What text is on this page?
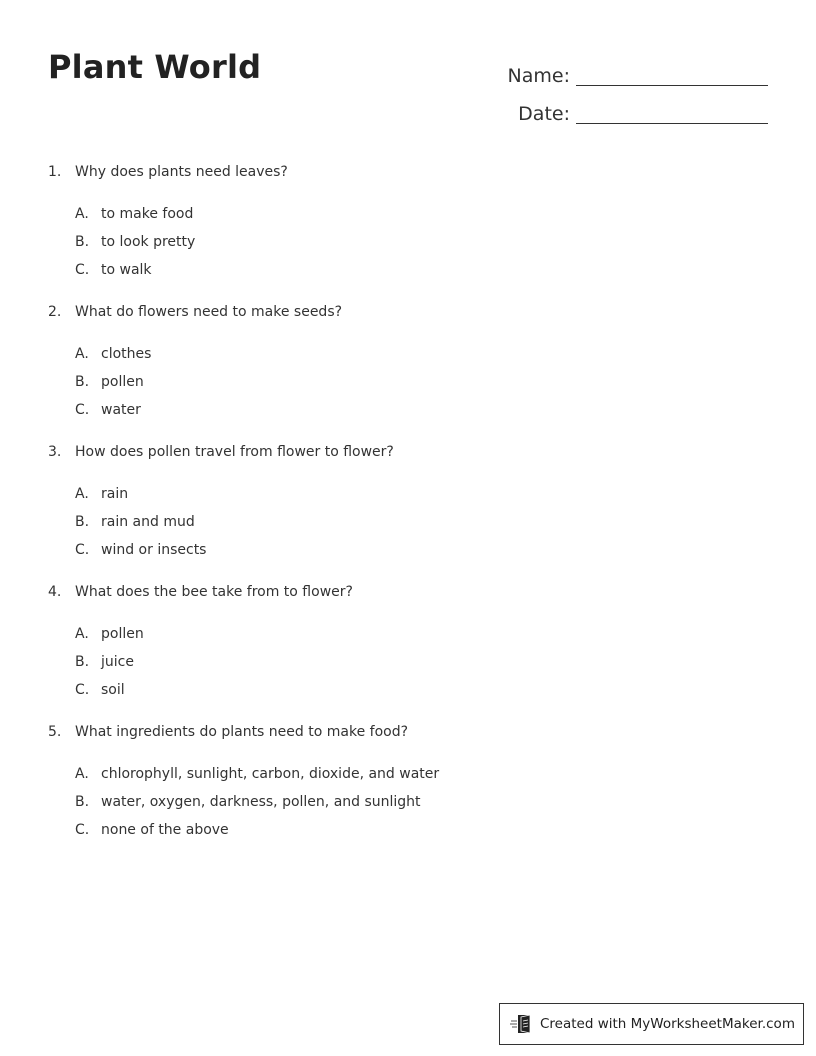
Plant World	Name:
Date:
1. Why does plants need leaves?
A. to make food
B. to look pretty
C. to walk
2. What do flowers need to make seeds?
A. clothes
B. pollen
C. water
3. How does pollen travel from flower to flower?
A. rain
B. rain and mud
C. wind or insects
4. What does the bee take from to flower?
A. pollen
B. juice
C. soil
5. What ingredients do plants need to make food?
A. chlorophyll, sunlight, carbon, dioxide, and water
B. water, oxygen, darkness, pollen, and sunlight
C. none of the above
Created with MyWorksheetMaker.com
